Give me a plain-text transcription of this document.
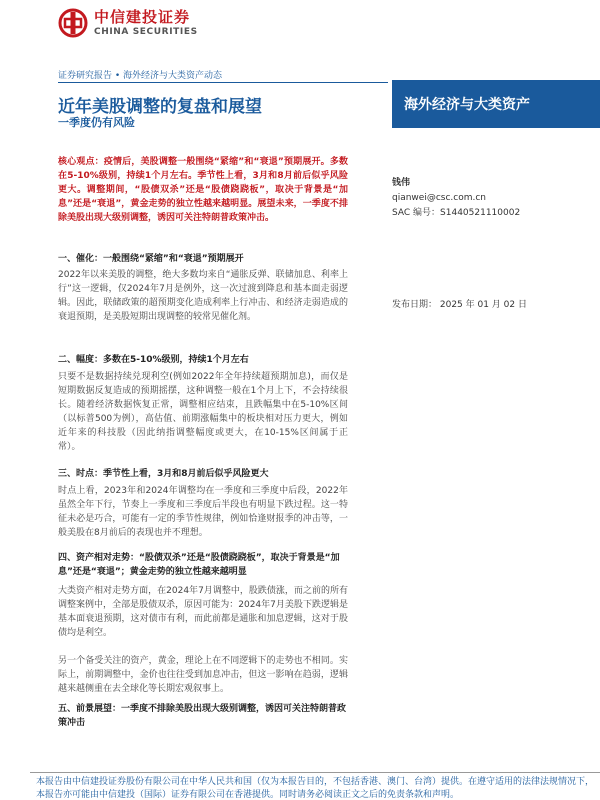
中信建投证券
CHINA SECURITIES
证券研究报告 • 海外经济与大类资产动态
近年美股调整的复盘和展望
一季度仍有风险
海外经济与大类资产
核心观点：疫情后，美股调整一般围绕“紧缩”和“衰退”预期展开。多数在5-10%级别，持续1个月左右。季节性上看，3月和8月前后似乎风险更大。调整期间，“股债双杀”还是“股债跷跷板”，取决于背景是“加息”还是“衰退”，黄金走势的独立性越来越明显。展望未来，一季度不排除美股出现大级别调整，诱因可关注特朗普政策冲击。
一、催化：一般围绕“紧缩”和“衰退”预期展开
2022年以来美股的调整，绝大多数均来自“通胀反弹、联储加息、利率上行”这一逻辑，仅2024年7月是例外，这一次过渡到降息和基本面走弱逻辑。因此，联储政策的超预期变化造成利率上行冲击、和经济走弱造成的衰退预期，是美股短期出现调整的较常见催化剂。
二、幅度：多数在5-10%级别，持续1个月左右
只要不是数据持续兑现利空(例如2022年全年持续超预期加息)，而仅是短期数据反复造成的预期摇摆，这种调整一般在1个月上下，不会持续很长。随着经济数据恢复正常，调整相应结束，且跌幅集中在5-10%区间（以标普500为例），高估值、前期涨幅集中的板块相对压力更大，例如近年来的科技股（因此纳指调整幅度或更大，在10-15%区间属于正常）。
三、时点：季节性上看，3月和8月前后似乎风险更大
时点上看，2023年和2024年调整均在一季度和三季度中后段，2022年虽然全年下行，节奏上一季度和三季度后半段也有明显下跌过程。这一特征未必是巧合，可能有一定的季节性规律，例如恰逢财报季的冲击等，一般美股在8月前后的表现也并不理想。
四、资产相对走势：“股债双杀”还是“股债跷跷板”，取决于背景是“加息”还是“衰退”；黄金走势的独立性越来越明显
大类资产相对走势方面，在2024年7月调整中，股跌债涨，而之前的所有调整案例中，全部是股债双杀，原因可能为：2024年7月美股下跌逻辑是基本面衰退预期，这对债市有利，而此前都是通胀和加息逻辑，这对于股债均是利空。
另一个备受关注的资产，黄金，理论上在不同逻辑下的走势也不相同。实际上，前期调整中，金价也往往受到加息冲击，但这一影响在趋弱，逻辑越来越侧重在去全球化等长期宏观叙事上。
五、前景展望：一季度不排除美股出现大级别调整，诱因可关注特朗普政策冲击
钱伟
qianwei@csc.com.cn
SAC 编号：S1440521110002
发布日期： 2025 年 01 月 02 日
本报告由中信建投证券股份有限公司在中华人民共和国（仅为本报告目的，不包括香港、澳门、台湾）提供。在遵守适用的法律法规情况下，本报告亦可能由中信建投（国际）证券有限公司在香港提供。同时请务必阅读正文之后的免责条款和声明。
